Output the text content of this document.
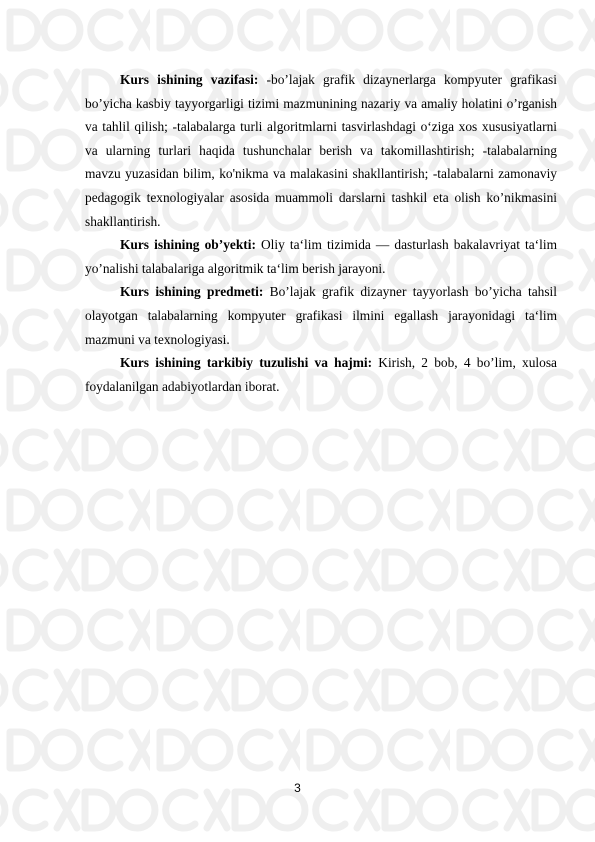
Kurs ishining vazifasi: -bo’lajak grafik dizaynerlarga kompyuter grafikasi bo’yicha kasbiy tayyorgarligi tizimi mazmunining nazariy va amaliy holatini o’rganish va tahlil qilish; -talabalarga turli algoritmlarni tasvirlashdagi o‘ziga xos xususiyatlarni va ularning turlari haqida tushunchalar berish va takomillashtirish; -talabalarning mavzu yuzasidan bilim, ko'nikma va malakasini shakllantirish; -talabalarni zamonaviy pedagogik texnologiyalar asosida muammoli darslarni tashkil eta olish ko’nikmasini shakllantirish.

Kurs ishining ob’yekti: Oliy ta‘lim tizimida — dasturlash bakalavriyat ta‘lim yo’nalishi talabalariga algoritmik ta‘lim berish jarayoni.

Kurs ishining predmeti: Bo’lajak grafik dizayner tayyorlash bo’yicha tahsil olayotgan talabalarning kompyuter grafikasi ilmini egallash jarayonidagi ta‘lim mazmuni va texnologiyasi.

Kurs ishining tarkibiy tuzulishi va hajmi: Kirish, 2 bob, 4 bo’lim, xulosa foydalanilgan adabiyotlardan iborat.

3
